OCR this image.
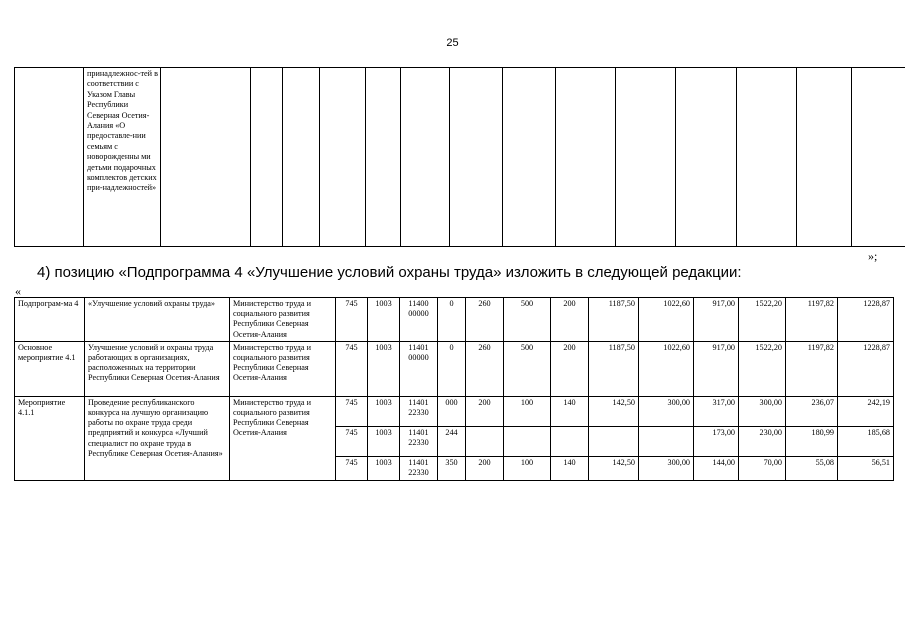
25
	принадлежнос-тей в соответствии с Указом Главы Республики Северная Осетия-Алания «О предоставле-нии семьям с новорожденны ми детьми подарочных комплектов детских при-надлежностей»														
»;
4) позицию «Подпрограмма 4 «Улучшение условий охраны труда» изложить в следующей редакции:
«
Подпрограм-ма 4	«Улучшение условий охраны труда»	Министерство труда и социального развития Республики Северная Осетия-Алания	745	1003	11400 00000	0	260	500	200	1187,50	1022,60	917,00	1522,20	1197,82	1228,87
Основное мероприятие 4.1	Улучшение условий и охраны труда работающих в организациях, расположенных на территории Республики Северная Осетия-Алания	Министерство труда и социального развития Республики Северная Осетия-Алания	745	1003	11401 00000	0	260	500	200	1187,50	1022,60	917,00	1522,20	1197,82	1228,87
Мероприятие 4.1.1	Проведение республиканского конкурса на лучшую организацию работы по охране труда среди предприятий и конкурса «Лучший специалист по охране труда в Республике Северная Осетия-Алания»	Министерство труда и социального развития Республики Северная Осетия-Алания	745	1003	11401 22330	000	200	100	140	142,50	300,00	317,00	300,00	236,07	242,19
			745	1003	11401 22330	244						173,00	230,00	180,99	185,68
			745	1003	11401 22330	350	200	100	140	142,50	300,00	144,00	70,00	55,08	56,51
